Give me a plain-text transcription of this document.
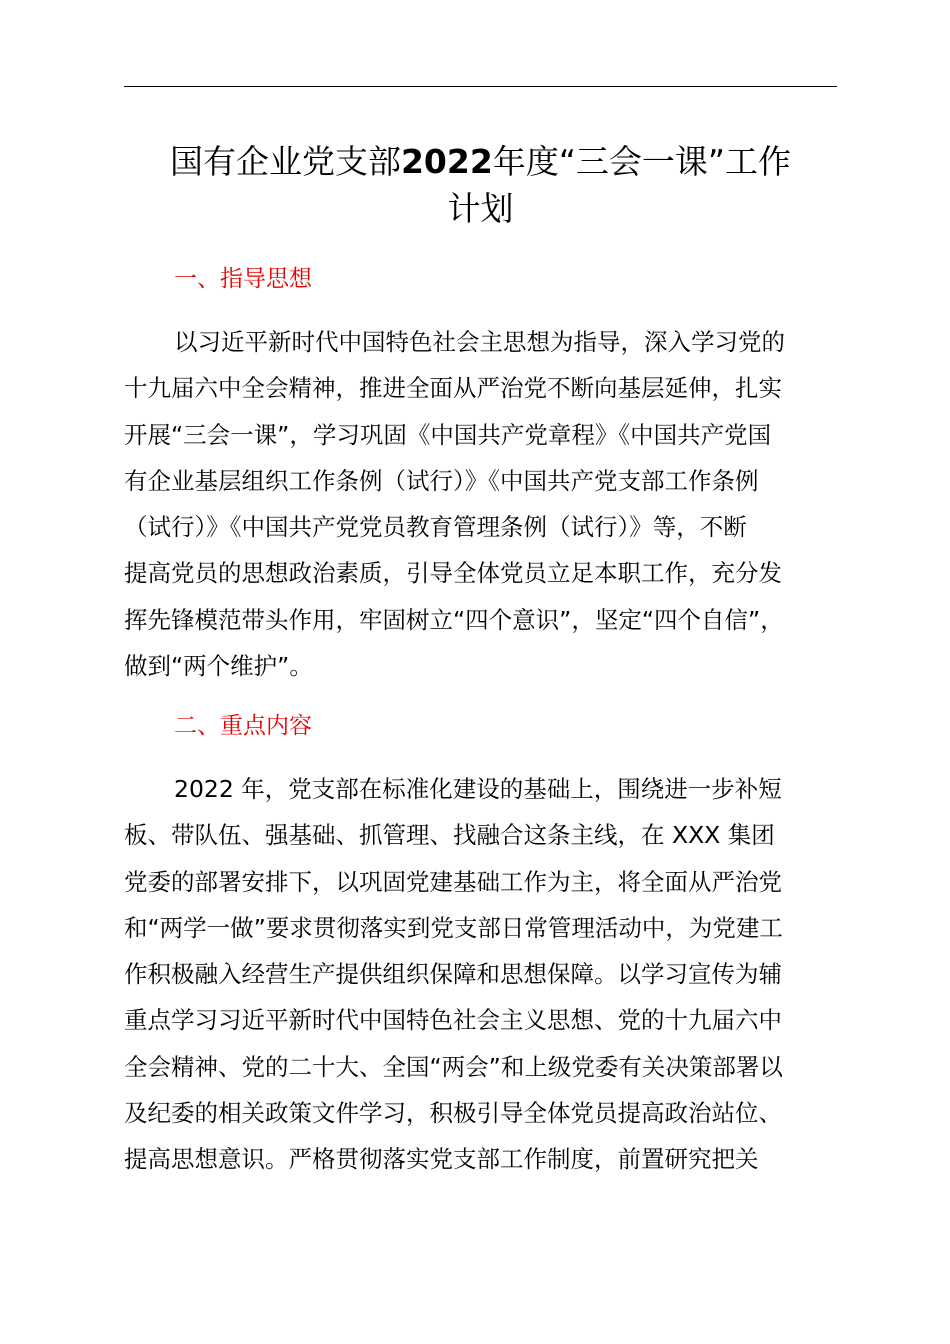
国有企业党支部2022年度“三会一课”工作
计划
一、指导思想
以习近平新时代中国特色社会主思想为指导，深入学习党的
十九届六中全会精神，推进全面从严治党不断向基层延伸，扎实
开展“三会一课”，学习巩固《中国共产党章程》《中国共产党国
有企业基层组织工作条例（试行）》《中国共产党支部工作条例
（试行）》《中国共产党党员教育管理条例（试行）》等，不断
提高党员的思想政治素质，引导全体党员立足本职工作，充分发
挥先锋模范带头作用，牢固树立“四个意识”，坚定“四个自信”，
做到“两个维护”。
二、重点内容
2022 年，党支部在标准化建设的基础上，围绕进一步补短
板、带队伍、强基础、抓管理、找融合这条主线，在 XXX 集团
党委的部署安排下，以巩固党建基础工作为主，将全面从严治党
和“两学一做”要求贯彻落实到党支部日常管理活动中，为党建工
作积极融入经营生产提供组织保障和思想保障。以学习宣传为辅
重点学习习近平新时代中国特色社会主义思想、党的十九届六中
全会精神、党的二十大、全国“两会”和上级党委有关决策部署以
及纪委的相关政策文件学习，积极引导全体党员提高政治站位、
提高思想意识。严格贯彻落实党支部工作制度，前置研究把关
